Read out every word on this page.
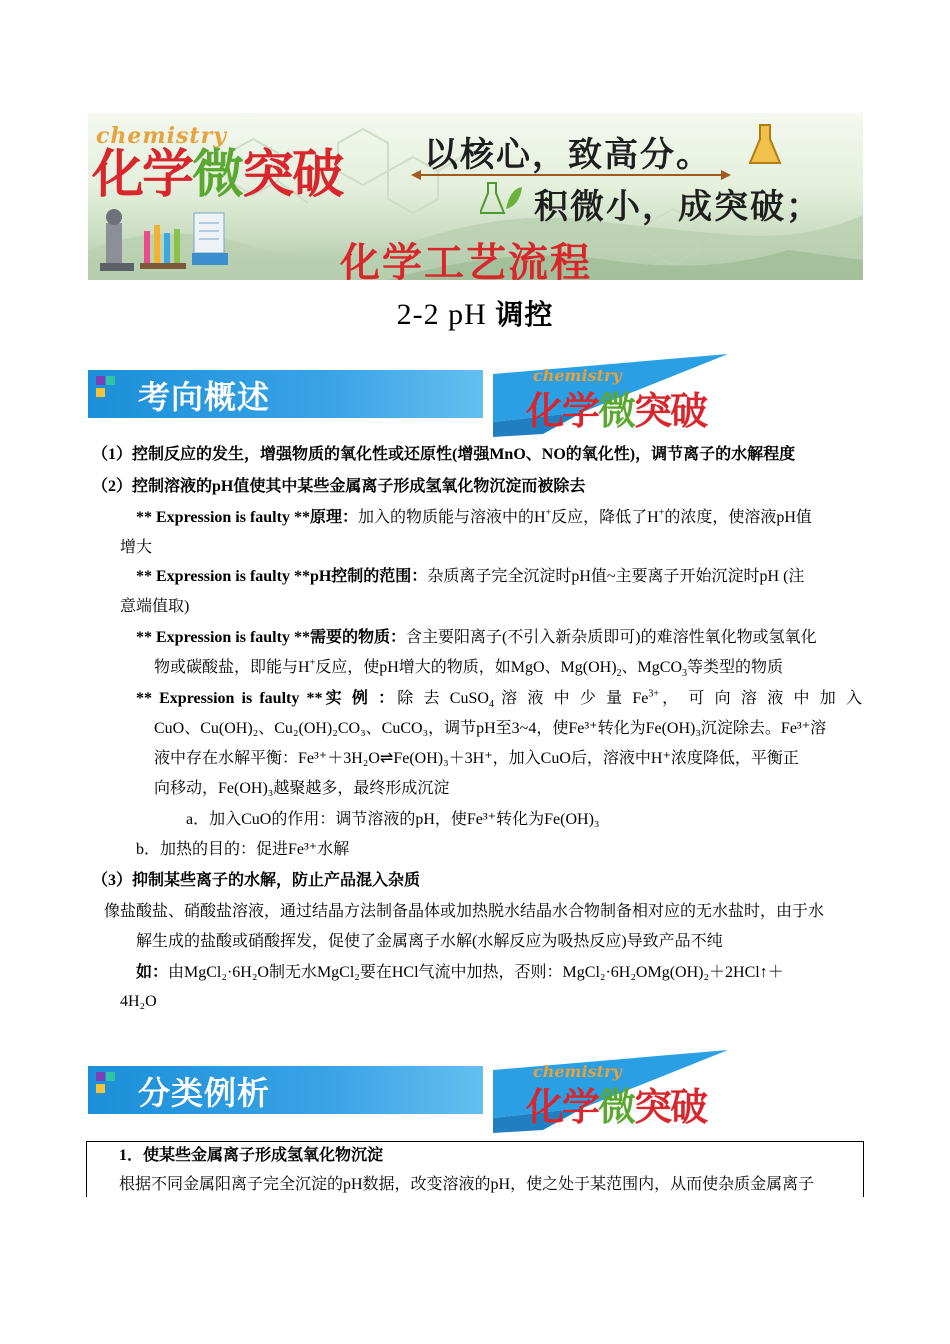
chemistry
化学微突破 以核心，致高分。
积微小，成突破；
化学工艺流程
2-2 pH 调控
考向概述
chemistry
化学微突破
（1）控制反应的发生，增强物质的氧化性或还原性(增强MnO、NO的氧化性)，调节离子的水解程度
（2）控制溶液的pH值使其中某些金属离子形成氢氧化物沉淀而被除去
** Expression is faulty **原理：加入的物质能与溶液中的H+反应，降低了H+的浓度，使溶液pH值
增大
** Expression is faulty **pH控制的范围：杂质离子完全沉淀时pH值~主要离子开始沉淀时pH (注
意端值取)
** Expression is faulty **需要的物质：含主要阳离子(不引入新杂质即可)的难溶性氧化物或氢氧化
物或碳酸盐，即能与H+反应，使pH增大的物质，如MgO、$Mg(OH)_2$、MgCO$_3$等类型的物质
** Expression is faulty **实 例 ：除 去 CuSO$_4$ 溶 液 中 少 量 $Fe^{3+}$， 可 向 溶 液 中 加 入
CuO、Cu(OH)₂、Cu₂(OH)₂CO₃、CuCO₃，调节pH至3~4，使Fe³⁺转化为Fe(OH)₃沉淀除去。Fe³⁺溶
液中存在水解平衡：Fe³⁺＋3H₂O⇌Fe(OH)₃＋3H⁺，加入CuO后，溶液中H⁺浓度降低，平衡正
向移动，Fe(OH)₃越聚越多，最终形成沉淀
a．加入CuO的作用：调节溶液的pH，使Fe³⁺转化为Fe(OH)₃
b．加热的目的：促进Fe³⁺水解
（3）抑制某些离子的水解，防止产品混入杂质
像盐酸盐、硝酸盐溶液，通过结晶方法制备晶体或加热脱水结晶水合物制备相对应的无水盐时，由于水
解生成的盐酸或硝酸挥发，促使了金属离子水解(水解反应为吸热反应)导致产品不纯
如：由MgCl₂·6H₂O制无水MgCl₂要在HCl气流中加热，否则：MgCl₂·6H₂OMg(OH)₂＋2HCl↑＋
4H₂O
分类例析
chemistry
化学微突破
1．使某些金属离子形成氢氧化物沉淀
根据不同金属阳离子完全沉淀的pH数据，改变溶液的pH，使之处于某范围内，从而使杂质金属离子
